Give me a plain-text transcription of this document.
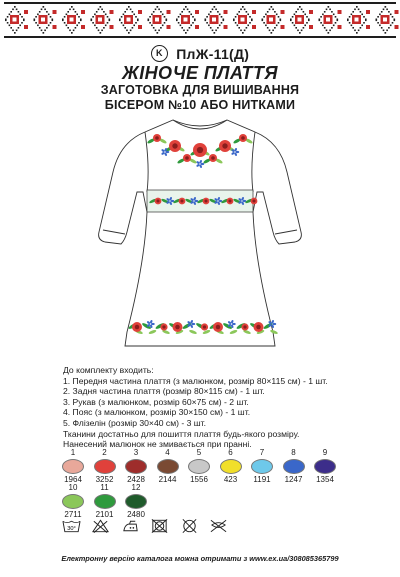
K ПлЖ-11(Д)
ЖІНОЧЕ ПЛАТТЯ
ЗАГОТОВКА ДЛЯ ВИШИВАННЯ
БІСЕРОМ №10 АБО НИТКАМИ
До комплекту входить:
1. Передня частина плаття (з малюнком, розмір 80×115 см) - 1 шт.
2. Задня частина плаття (розмір 80×115 см) - 1 шт.
3. Рукав (з малюнком, розмір 60×75 см) - 2 шт.
4. Пояс (з малюнком, розмір 30×150 см) - 1 шт.
5. Флізелін (розмір 30×40 см) - 3 шт.
Тканини достатньо для пошиття плаття будь-якого розміру.
Нанесений малюнок не змивається при пранні.
1
1964
2
3252
3
2428
4
2144
5
1556
6
423
7
1191
8
1247
9
1354
10
2711
11
2101
12
2480
30°

Електронну версію каталога можна отримати з www.ex.ua/308085365799
